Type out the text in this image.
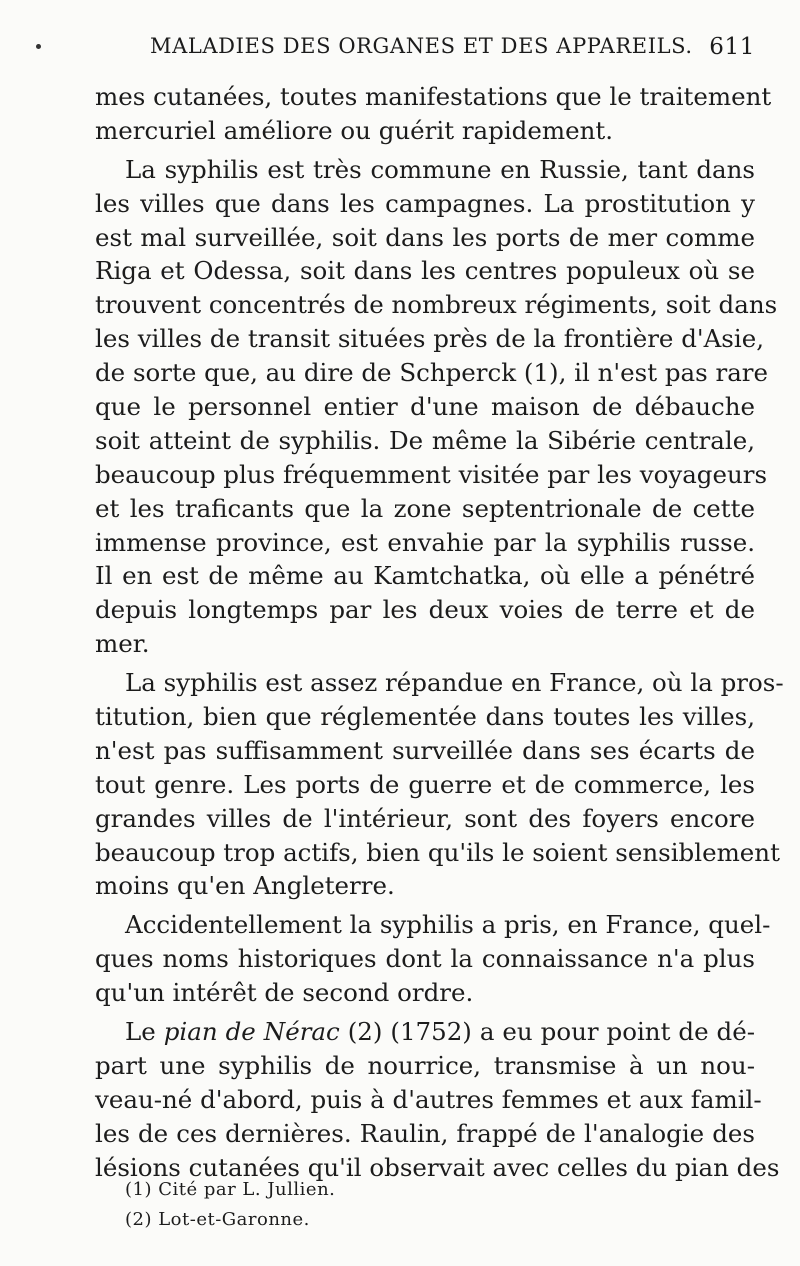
MALADIES DES ORGANES ET DES APPAREILS. 611
mes cutanées, toutes manifestations que le traitement
mercuriel améliore ou guérit rapidement.
La syphilis est très commune en Russie, tant dans
les villes que dans les campagnes. La prostitution y
est mal surveillée, soit dans les ports de mer comme
Riga et Odessa, soit dans les centres populeux où se
trouvent concentrés de nombreux régiments, soit dans
les villes de transit situées près de la frontière d'Asie,
de sorte que, au dire de Schperck (1), il n'est pas rare
que le personnel entier d'une maison de débauche
soit atteint de syphilis. De même la Sibérie centrale,
beaucoup plus fréquemment visitée par les voyageurs
et les traficants que la zone septentrionale de cette
immense province, est envahie par la syphilis russe.
Il en est de même au Kamtchatka, où elle a pénétré
depuis longtemps par les deux voies de terre et de
mer.
La syphilis est assez répandue en France, où la pros-
titution, bien que réglementée dans toutes les villes,
n'est pas suffisamment surveillée dans ses écarts de
tout genre. Les ports de guerre et de commerce, les
grandes villes de l'intérieur, sont des foyers encore
beaucoup trop actifs, bien qu'ils le soient sensiblement
moins qu'en Angleterre.
Accidentellement la syphilis a pris, en France, quel-
ques noms historiques dont la connaissance n'a plus
qu'un intérêt de second ordre.
Le pian de Nérac (2) (1752) a eu pour point de dé-
part une syphilis de nourrice, transmise à un nou-
veau-né d'abord, puis à d'autres femmes et aux famil-
les de ces dernières. Raulin, frappé de l'analogie des
lésions cutanées qu'il observait avec celles du pian des
(1) Cité par L. Jullien.
(2) Lot-et-Garonne.
